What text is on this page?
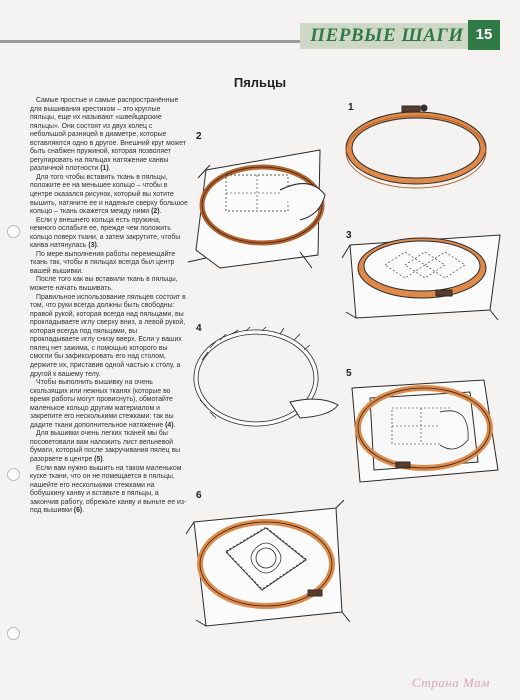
ПЕРВЫЕ ШАГИ 15
Пяльцы

Самые простые и самые распространённые для вышивания крестиком – это круглые пяльцы, еще их называют «швейцарские пяльцы». Они состоят из двух колец с небольшой разницей в диаметре, которые вставляются одно в другое. Внешний круг может быть снабжен пружиной, которая позволяет регулировать на пяльцах натяжение канвы различной плотности (1).

Для того чтобы вставить ткань в пяльцы, положите ее на меньшее кольцо – чтобы в центре оказался рисунок, который вы хотите вышить, натяните ее и наденьте сверху большое кольцо – ткань окажется между ними (2).

Если у внешнего кольца есть пружина, немного ослабьте ее, прежде чем положить кольцо поверх ткани, а затем закрутите, чтобы канва натянулась (3).

По мере выполнения работы перемещайте ткань так, чтобы в пяльцах всегда был центр вашей вышивки.

После того как вы вставили ткань в пяльцы, можете начать вышивать.

Правильное использование пяльцев состоит в том, что руки всегда должны быть свободны: правой рукой, которая всегда над пяльцами, вы прокладываете иглу сверху вниз, а левой рукой, которая всегда под пяльцами, вы прокладываете иглу снизу вверх. Если у ваших пялец нет зажима, с помощью которого вы смогли бы зафиксировать его над столом, держите их, приставив одной частью к столу, а другой к вашему телу.

Чтобы выполнить вышивку на очень скользящих или нежных тканях (которые во время работы могут провиснуть), обмотайте маленькое кольцо другим материалом и закрепите его несколькими стежками: так вы дадите ткани дополнительное натяжение (4).

Для вышивки очень легких тканей мы бы посоветовали вам наложить лист вельневой бумаги, который после закручивания пялец вы разорвете в центре (5).

Если вам нужно вышить на таком маленьком куске ткани, что он не помещается в пяльцы, нашейте его несколькими стежками на бобушкину канву и вставьте в пяльцы, а закончив работу, обрежьте канву и выньте ее из-под вышивки (6).

1
2
3
4
5
6
Страна Мам
